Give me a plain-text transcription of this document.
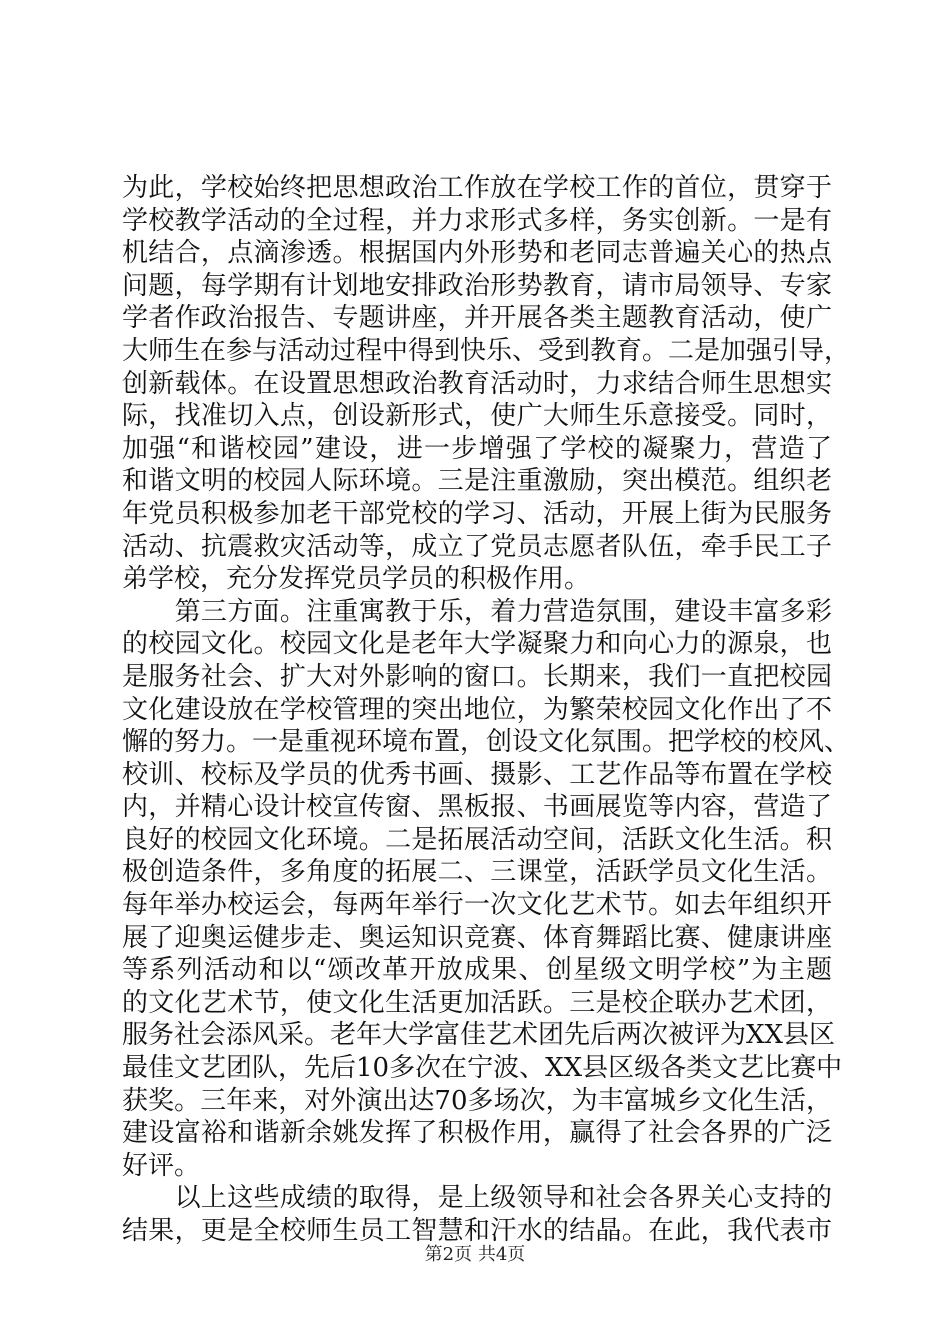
为此，学校始终把思想政治工作放在学校工作的首位，贯穿于
学校教学活动的全过程，并力求形式多样，务实创新。一是有
机结合，点滴渗透。根据国内外形势和老同志普遍关心的热点
问题，每学期有计划地安排政治形势教育，请市局领导、专家
学者作政治报告、专题讲座，并开展各类主题教育活动，使广
大师生在参与活动过程中得到快乐、受到教育。二是加强引导，
创新载体。在设置思想政治教育活动时，力求结合师生思想实
际，找准切入点，创设新形式，使广大师生乐意接受。同时，
加强“和谐校园”建设，进一步增强了学校的凝聚力，营造了
和谐文明的校园人际环境。三是注重激励，突出模范。组织老
年党员积极参加老干部党校的学习、活动，开展上街为民服务
活动、抗震救灾活动等，成立了党员志愿者队伍，牵手民工子
弟学校，充分发挥党员学员的积极作用。
　　第三方面。注重寓教于乐，着力营造氛围，建设丰富多彩
的校园文化。校园文化是老年大学凝聚力和向心力的源泉，也
是服务社会、扩大对外影响的窗口。长期来，我们一直把校园
文化建设放在学校管理的突出地位，为繁荣校园文化作出了不
懈的努力。一是重视环境布置，创设文化氛围。把学校的校风、
校训、校标及学员的优秀书画、摄影、工艺作品等布置在学校
内，并精心设计校宣传窗、黑板报、书画展览等内容，营造了
良好的校园文化环境。二是拓展活动空间，活跃文化生活。积
极创造条件，多角度的拓展二、三课堂，活跃学员文化生活。
每年举办校运会，每两年举行一次文化艺术节。如去年组织开
展了迎奥运健步走、奥运知识竞赛、体育舞蹈比赛、健康讲座
等系列活动和以“颂改革开放成果、创星级文明学校”为主题
的文化艺术节，使文化生活更加活跃。三是校企联办艺术团，
服务社会添风采。老年大学富佳艺术团先后两次被评为XX县区
最佳文艺团队，先后10多次在宁波、XX县区级各类文艺比赛中
获奖。三年来，对外演出达70多场次，为丰富城乡文化生活，
建设富裕和谐新余姚发挥了积极作用，赢得了社会各界的广泛
好评。
　　以上这些成绩的取得，是上级领导和社会各界关心支持的
结果，更是全校师生员工智慧和汗水的结晶。在此，我代表市
第2页 共4页
